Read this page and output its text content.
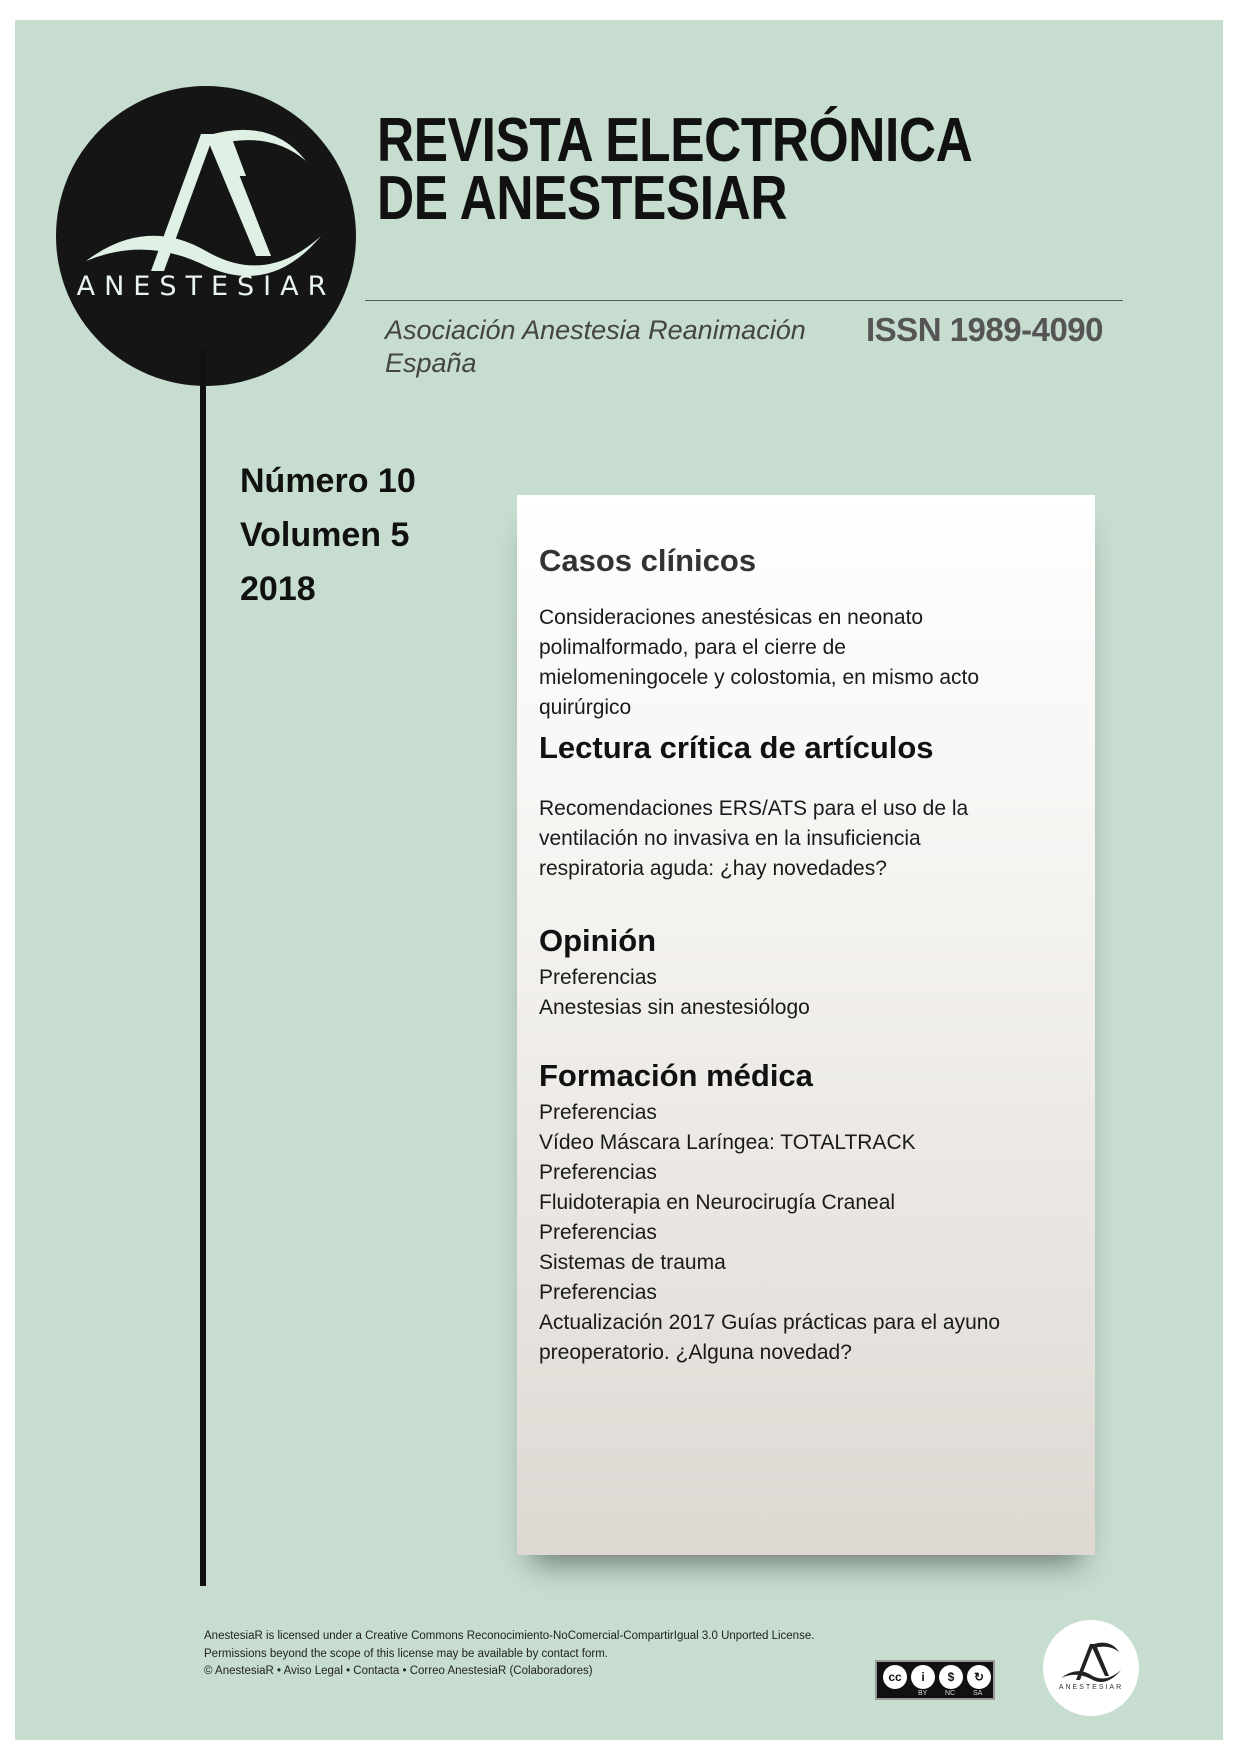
ANESTESIAR
REVISTA ELECTRÓNICA DE ANESTESIAR
Asociación Anestesia Reanimación España
ISSN 1989-4090
Número 10
Volumen 5
2018
Casos clínicos

Consideraciones anestésicas en neonato polimalformado, para el cierre de mielomeningocele y colostomia, en mismo acto quirúrgico

Lectura crítica de artículos

Recomendaciones ERS/ATS para el uso de la ventilación no invasiva en la insuficiencia respiratoria aguda: ¿hay novedades?

Opinión

Preferencias

Anestesias sin anestesiólogo

Formación médica

Preferencias

Vídeo Máscara Laríngea: TOTALTRACK

Preferencias

Fluidoterapia en Neurocirugía Craneal

Preferencias

Sistemas de trauma

Preferencias

Actualización 2017 Guías prácticas para el ayuno preoperatorio. ¿Alguna novedad?

AnestesiaR is licensed under a Creative Commons Reconocimiento-NoComercial-CompartirIgual 3.0 Unported License.
Permissions beyond the scope of this license may be available by contact form.
© AnestesiaR • Aviso Legal • Contacta • Correo AnestesiaR (Colaboradores)	cc	i	$	↻
BY	NC	SA
ANESTESIAR
